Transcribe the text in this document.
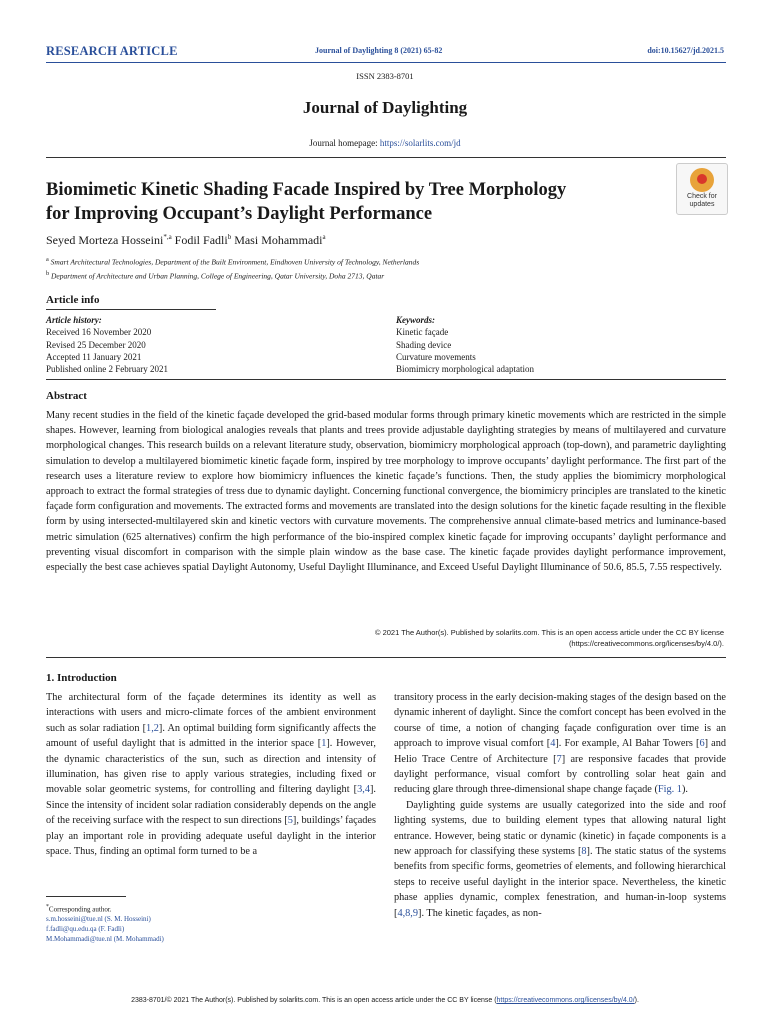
RESEARCH ARTICLE	Journal of Daylighting 8 (2021) 65-82	doi:10.15627/jd.2021.5
ISSN 2383-8701
Journal of Daylighting
Journal homepage: https://solarlits.com/jd
Biomimetic Kinetic Shading Facade Inspired by Tree Morphology
for Improving Occupant’s Daylight Performance
Check for
updates
Seyed Morteza Hosseini$^{*,a}$ Fodil Fadli$^b$ Masi Mohammadi$^a$
$^a$ Smart Architectural Technologies, Department of the Built Environment, Eindhoven University of Technology, Netherlands
$^b$ Department of Architecture and Urban Planning, College of Engineering, Qatar University, Doha 2713, Qatar
Article info
Article history:
Received 16 November 2020
Revised 25 December 2020
Accepted 11 January 2021
Published online 2 February 2021
Keywords:
Kinetic façade
Shading device
Curvature movements
Biomimicry morphological adaptation
Abstract
Many recent studies in the field of the kinetic façade developed the grid-based modular forms through primary kinetic movements which are restricted in the simple shapes. However, learning from biological analogies reveals that plants and trees provide adjustable daylighting strategies by means of multilayered and curvature morphological changes. This research builds on a relevant literature study, observation, biomimicry morphological approach (top-down), and parametric daylighting simulation to develop a multilayered biomimetic kinetic façade form, inspired by tree morphology to improve occupants’ daylight performance. The first part of the research uses a literature review to explore how biomimicry influences the kinetic façade’s functions. Then, the study applies the biomimicry morphological approach to extract the formal strategies of tress due to dynamic daylight. Concerning functional convergence, the biomimicry principles are translated to the kinetic façade form configuration and movements. The extracted forms and movements are translated into the design solutions for the kinetic façade resulting in the flexible form by using intersected-multilayered skin and kinetic vectors with curvature movements. The comprehensive annual climate-based metrics and luminance-based metric simulation (625 alternatives) confirm the high performance of the bio-inspired complex kinetic façade for improving occupants’ daylight performance and preventing visual discomfort in comparison with the simple plain window as the base case. The kinetic façade provides daylight performance improvement, especially the best case achieves spatial Daylight Autonomy, Useful Daylight Illuminance, and Exceed Useful Daylight Illuminance of 50.6, 85.5, 7.55 respectively.
© 2021 The Author(s). Published by solarlits.com. This is an open access article under the CC BY license
(https://creativecommons.org/licenses/by/4.0/).
1. Introduction
The architectural form of the façade determines its identity as well as interactions with users and micro-climate forces of the ambient environment such as solar radiation [1,2]. An optimal building form significantly affects the amount of useful daylight that is admitted in the interior space [1]. However, the dynamic characteristics of the sun, such as direction and intensity of illumination, has given rise to apply various strategies, including fixed or movable solar geometric systems, for controlling and filtering daylight [3,4]. Since the intensity of incident solar radiation considerably depends on the angle of the receiving surface with the respect to sun directions [5], buildings’ façades play an important role in providing adequate useful daylight in the interior space. Thus, finding an optimal form turned to be a
transitory process in the early decision-making stages of the design based on the dynamic inherent of daylight. Since the comfort concept has been evolved in the course of time, a notion of changing façade configuration over time is an approach to improve visual comfort [4]. For example, Al Bahar Towers [6] and Helio Trace Centre of Architecture [7] are responsive facades that provide daylight performance, visual comfort by controlling solar heat gain and reducing glare through three-dimensional shape change façade (Fig. 1).
Daylighting guide systems are usually categorized into the side and roof lighting systems, due to building element types that allowing natural light entrance. However, being static or dynamic (kinetic) in façade components is a new approach for classifying these systems [8]. The static status of the systems benefits from specific forms, geometries of elements, and following hierarchical steps to receive useful daylight in the interior space. Nevertheless, the kinetic phase applies dynamic, complex fenestration, and human-in-loop systems [4,8,9]. The kinetic façades, as non-
*Corresponding author.
s.m.hosseini@tue.nl (S. M. Hosseini)
f.fadli@qu.edu.qa (F. Fadli)
M.Mohammadi@tue.nl (M. Mohammadi)
2383-8701/© 2021 The Author(s). Published by solarlits.com. This is an open access article under the CC BY license (https://creativecommons.org/licenses/by/4.0/).
